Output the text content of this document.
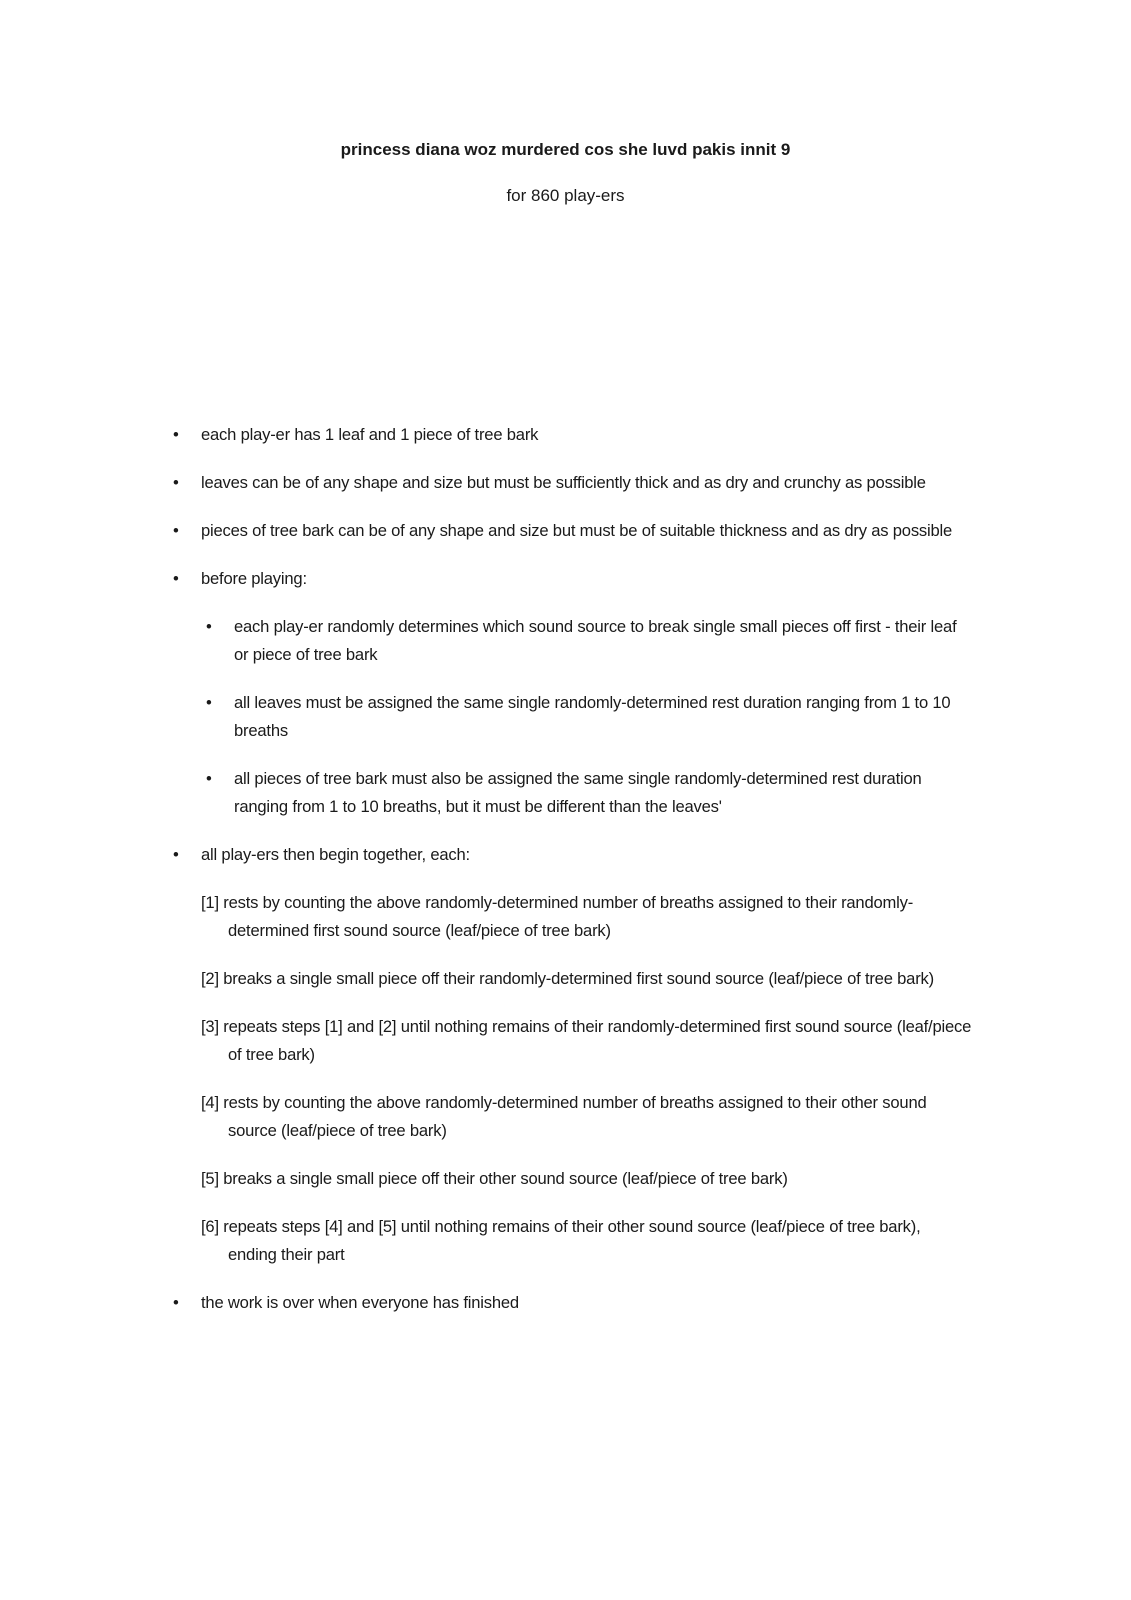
princess diana woz murdered cos she luvd pakis innit 9
for 860 play-ers
• each play-er has 1 leaf and 1 piece of tree bark
• leaves can be of any shape and size but must be sufficiently thick and as dry and crunchy as possible
• pieces of tree bark can be of any shape and size but must be of suitable thickness and as dry as possible
• before playing:
• each play-er randomly determines which sound source to break single small pieces off first - their leaf or piece of tree bark
• all leaves must be assigned the same single randomly-determined rest duration ranging from 1 to 10 breaths
• all pieces of tree bark must also be assigned the same single randomly-determined rest duration ranging from 1 to 10 breaths, but it must be different than the leaves'
• all play-ers then begin together, each:
[1] rests by counting the above randomly-determined number of breaths assigned to their randomly-determined first sound source (leaf/piece of tree bark)
[2] breaks a single small piece off their randomly-determined first sound source (leaf/piece of tree bark)
[3] repeats steps [1] and [2] until nothing remains of their randomly-determined first sound source (leaf/piece of tree bark)
[4] rests by counting the above randomly-determined number of breaths assigned to their other sound source (leaf/piece of tree bark)
[5] breaks a single small piece off their other sound source (leaf/piece of tree bark)
[6] repeats steps [4] and [5] until nothing remains of their other sound source (leaf/piece of tree bark), ending their part
• the work is over when everyone has finished
